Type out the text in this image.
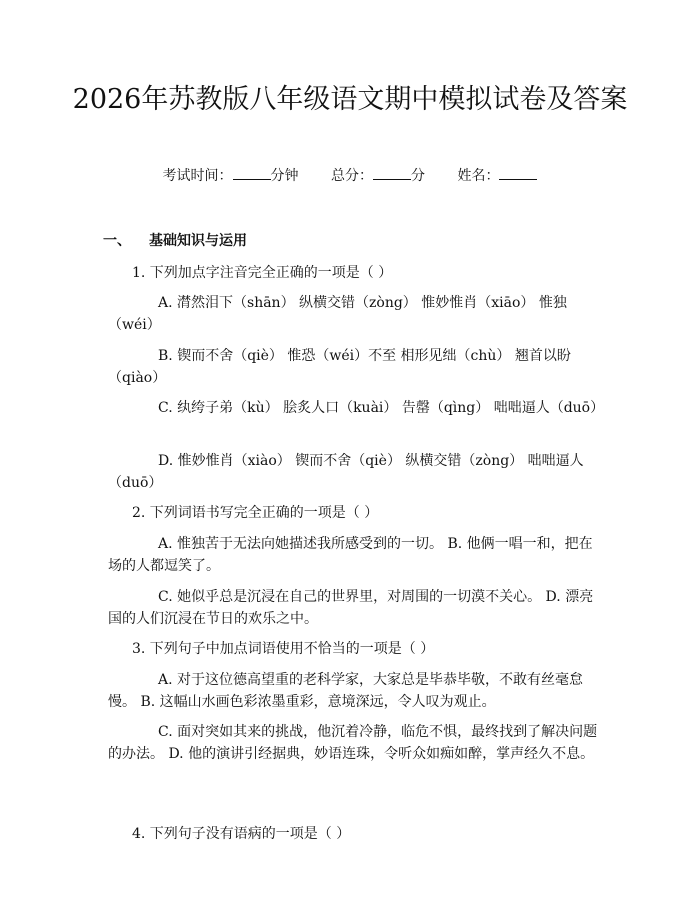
2026年苏教版八年级语文期中模拟试卷及答案
考试时间：	分钟 总分：	分 姓名：
一、 基础知识与运用
1. 下列加点字注音完全正确的一项是（ ）
A. 潸然泪下（shān） 纵横交错（zòng） 惟妙惟肖（xiāo） 惟独（wéi）
B. 锲而不舍（qiè） 惟恐（wéi）不至 相形见绌（chù） 翘首以盼（qiào）
C. 纨绔子弟（kù） 脍炙人口（kuài） 告罄（qìng） 咄咄逼人（duō）
D. 惟妙惟肖（xiào） 锲而不舍（qiè） 纵横交错（zòng） 咄咄逼人（duō）
2. 下列词语书写完全正确的一项是（ ）
A. 惟独苦于无法向她描述我所感受到的一切。 B. 他俩一唱一和，把在场的人都逗笑了。
C. 她似乎总是沉浸在自己的世界里，对周围的一切漠不关心。 D. 漂亮国的人们沉浸在节日的欢乐之中。
3. 下列句子中加点词语使用不恰当的一项是（ ）
A. 对于这位德高望重的老科学家，大家总是毕恭毕敬，不敢有丝毫怠慢。 B. 这幅山水画色彩浓墨重彩，意境深远，令人叹为观止。
C. 面对突如其来的挑战，他沉着冷静，临危不惧，最终找到了解决问题的办法。 D. 他的演讲引经据典，妙语连珠，令听众如痴如醉，掌声经久不息。
4. 下列句子没有语病的一项是（ ）
